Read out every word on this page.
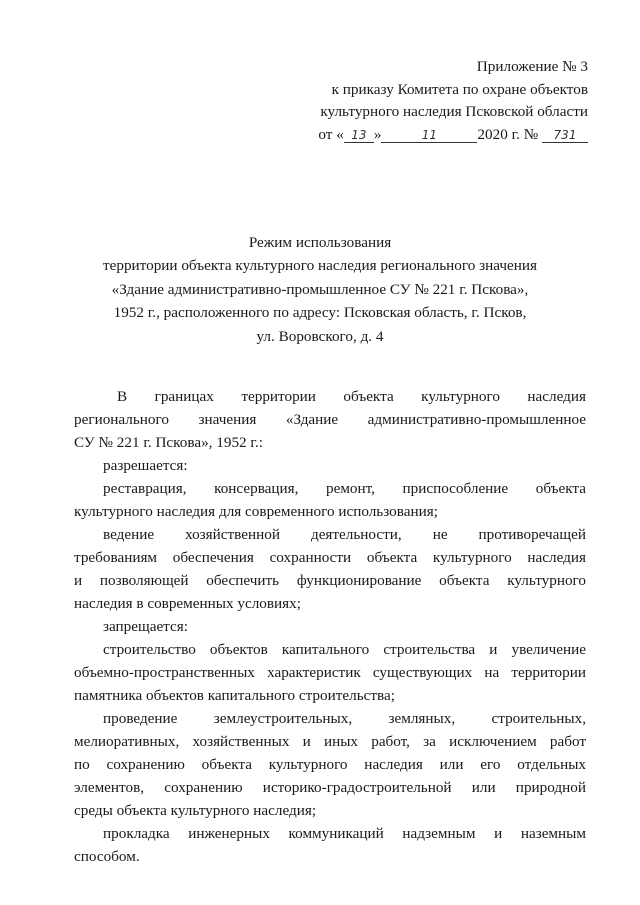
Приложение № 3
к приказу Комитета по охране объектов
культурного наследия Псковской области
от « 13 »	11	2020 г. № 731
Режим использования
территории объекта культурного наследия регионального значения
«Здание административно-промышленное СУ № 221 г. Пскова»,
1952 г., расположенного по адресу: Псковская область, г. Псков,
ул. Воровского, д. 4
В границах территории объекта культурного наследия
регионального значения «Здание административно-промышленное
СУ № 221 г. Пскова», 1952 г.:
разрешается:
реставрация, консервация, ремонт, приспособление объекта
культурного наследия для современного использования;
ведение хозяйственной деятельности, не противоречащей
требованиям обеспечения сохранности объекта культурного наследия
и позволяющей обеспечить функционирование объекта культурного
наследия в современных условиях;
запрещается:
строительство объектов капитального строительства и увеличение
объемно-пространственных характеристик существующих на территории
памятника объектов капитального строительства;
проведение землеустроительных, земляных, строительных,
мелиоративных, хозяйственных и иных работ, за исключением работ
по сохранению объекта культурного наследия или его отдельных
элементов, сохранению историко-градостроительной или природной
среды объекта культурного наследия;
прокладка инженерных коммуникаций надземным и наземным
способом.
